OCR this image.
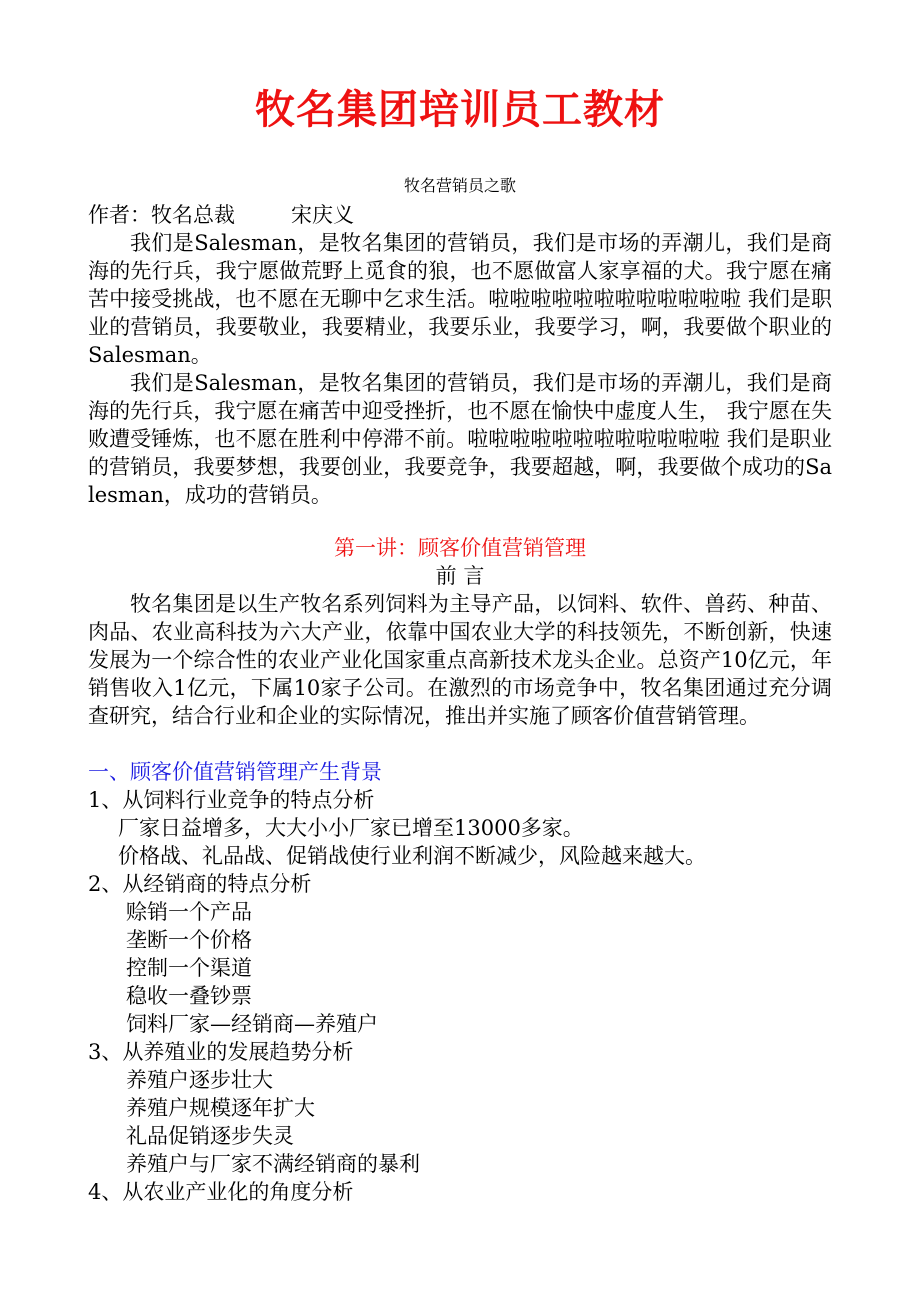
牧名集团培训员工教材
牧名营销员之歌
作者：牧名总裁	宋庆义
我们是Salesman，是牧名集团的营销员，我们是市场的弄潮儿，我们是商海的先行兵，我宁愿做荒野上觅食的狼，也不愿做富人家享福的犬。我宁愿在痛苦中接受挑战，也不愿在无聊中乞求生活。啦啦啦啦啦啦啦啦啦啦啦啦 我们是职业的营销员，我要敬业，我要精业，我要乐业，我要学习，啊，我要做个职业的Salesman。
我们是Salesman，是牧名集团的营销员，我们是市场的弄潮儿，我们是商海的先行兵，我宁愿在痛苦中迎受挫折，也不愿在愉快中虚度人生， 我宁愿在失败遭受锤炼，也不愿在胜利中停滞不前。啦啦啦啦啦啦啦啦啦啦啦啦 我们是职业的营销员，我要梦想，我要创业，我要竞争，我要超越，啊，我要做个成功的Salesman，成功的营销员。
第一讲：顾客价值营销管理
前 言
牧名集团是以生产牧名系列饲料为主导产品，以饲料、软件、兽药、种苗、肉品、农业高科技为六大产业，依靠中国农业大学的科技领先，不断创新，快速发展为一个综合性的农业产业化国家重点高新技术龙头企业。总资产10亿元，年销售收入1亿元，下属10家子公司。在激烈的市场竞争中，牧名集团通过充分调查研究，结合行业和企业的实际情况，推出并实施了顾客价值营销管理。
一、顾客价值营销管理产生背景
1、从饲料行业竞争的特点分析
厂家日益增多，大大小小厂家已增至13000多家。
价格战、礼品战、促销战使行业利润不断减少，风险越来越大。
2、从经销商的特点分析
赊销一个产品
垄断一个价格
控制一个渠道
稳收一叠钞票
饲料厂家—经销商—养殖户
3、从养殖业的发展趋势分析
养殖户逐步壮大
养殖户规模逐年扩大
礼品促销逐步失灵
养殖户与厂家不满经销商的暴利
4、从农业产业化的角度分析
